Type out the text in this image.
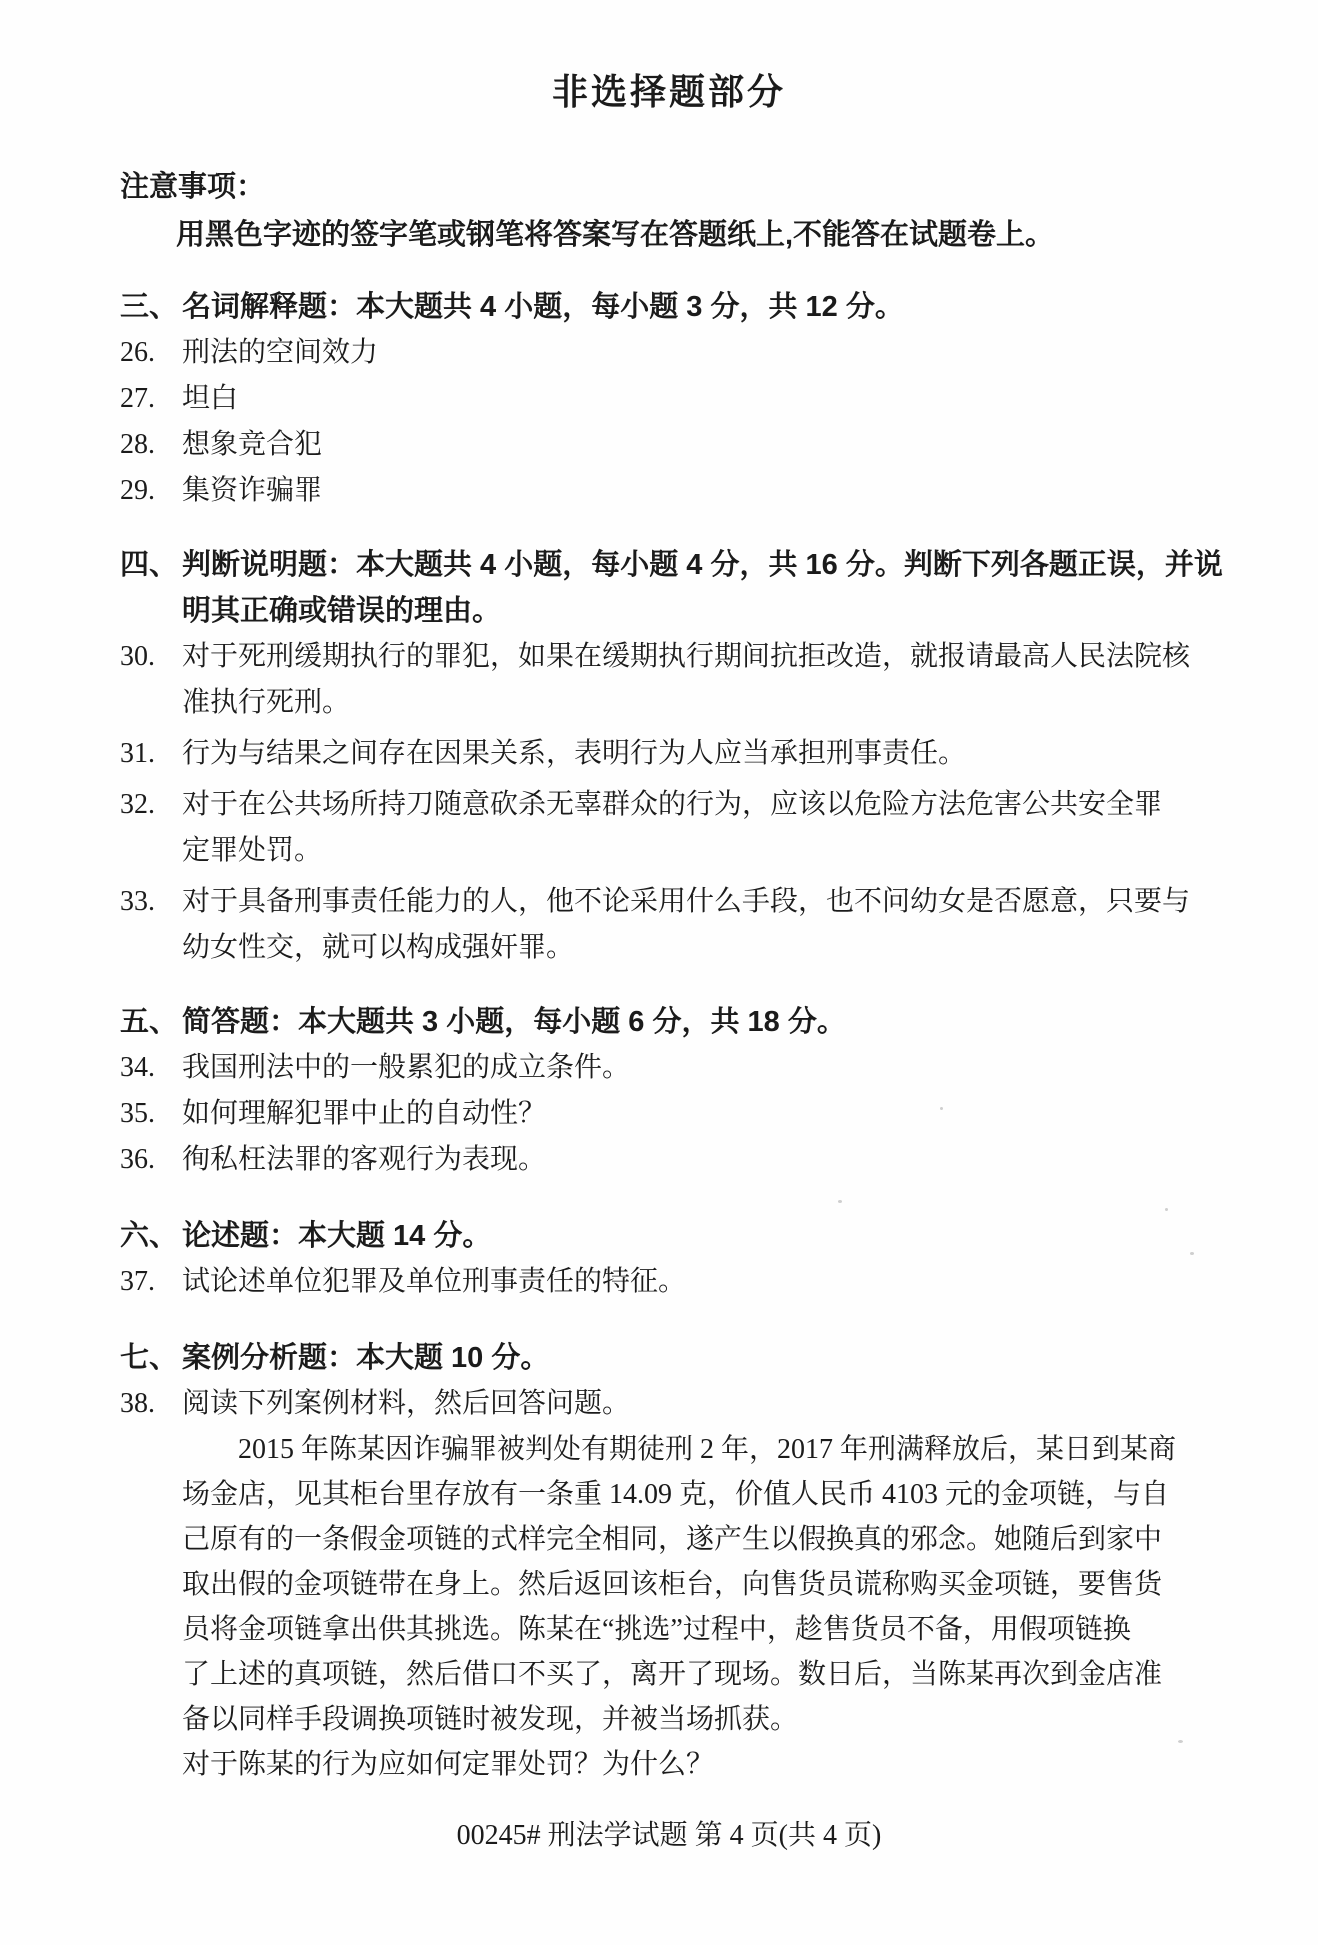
非选择题部分
注意事项：
用黑色字迹的签字笔或钢笔将答案写在答题纸上,不能答在试题卷上。
三、 名词解释题：本大题共 4 小题，每小题 3 分，共 12 分。
26. 刑法的空间效力
27. 坦白
28. 想象竞合犯
29. 集资诈骗罪
四、 判断说明题：本大题共 4 小题，每小题 4 分，共 16 分。判断下列各题正误，并说
明其正确或错误的理由。
30. 对于死刑缓期执行的罪犯，如果在缓期执行期间抗拒改造，就报请最高人民法院核
准执行死刑。
31. 行为与结果之间存在因果关系，表明行为人应当承担刑事责任。
32. 对于在公共场所持刀随意砍杀无辜群众的行为，应该以危险方法危害公共安全罪
定罪处罚。
33. 对于具备刑事责任能力的人，他不论采用什么手段，也不问幼女是否愿意，只要与
幼女性交，就可以构成强奸罪。
五、 简答题：本大题共 3 小题，每小题 6 分，共 18 分。
34. 我国刑法中的一般累犯的成立条件。
35. 如何理解犯罪中止的自动性？
36. 徇私枉法罪的客观行为表现。
六、 论述题：本大题 14 分。
37. 试论述单位犯罪及单位刑事责任的特征。
七、 案例分析题：本大题 10 分。
38. 阅读下列案例材料，然后回答问题。
2015 年陈某因诈骗罪被判处有期徒刑 2 年，2017 年刑满释放后，某日到某商
场金店，见其柜台里存放有一条重 14.09 克，价值人民币 4103 元的金项链，与自
己原有的一条假金项链的式样完全相同，遂产生以假换真的邪念。她随后到家中
取出假的金项链带在身上。然后返回该柜台，向售货员谎称购买金项链，要售货
员将金项链拿出供其挑选。陈某在“挑选”过程中，趁售货员不备，用假项链换
了上述的真项链，然后借口不买了，离开了现场。数日后，当陈某再次到金店准
备以同样手段调换项链时被发现，并被当场抓获。
对于陈某的行为应如何定罪处罚？为什么？
00245# 刑法学试题 第 4 页(共 4 页)
